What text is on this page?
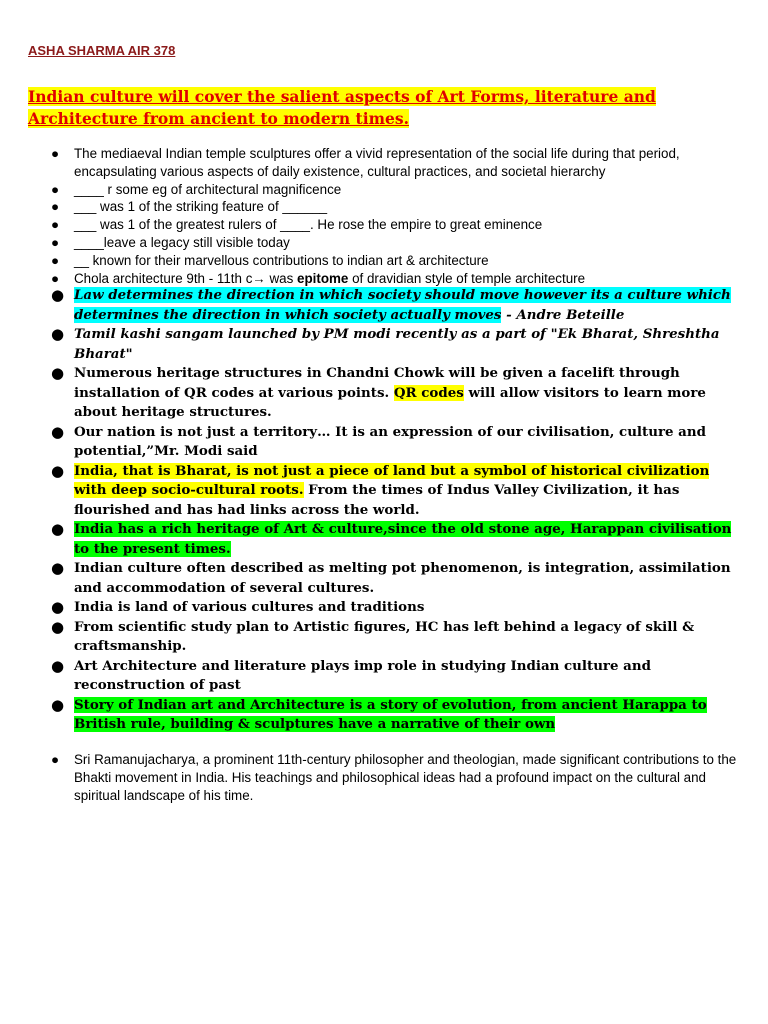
ASHA SHARMA AIR 378
Indian culture will cover the salient aspects of Art Forms, literature and Architecture from ancient to modern times.
● The mediaeval Indian temple sculptures offer a vivid representation of the social life during that period, encapsulating various aspects of daily existence, cultural practices, and societal hierarchy
● ____ r some eg of architectural magnificence
● ___ was 1 of the striking feature of ______
● ___ was 1 of the greatest rulers of ____. He rose the empire to great eminence
● ____leave a legacy still visible today
● __ known for their marvellous contributions to indian art & architecture
● Chola architecture 9th - 11th c→ was epitome of dravidian style of temple architecture
● Law determines the direction in which society should move however its a culture which determines the direction in which society actually moves - Andre Beteille
● Tamil kashi sangam launched by PM modi recently as a part of "Ek Bharat, Shreshtha Bharat"
● Numerous heritage structures in Chandni Chowk will be given a facelift through installation of QR codes at various points. QR codes will allow visitors to learn more about heritage structures.
● Our nation is not just a territory… It is an expression of our civilisation, culture and potential,”Mr. Modi said
● India, that is Bharat, is not just a piece of land but a symbol of historical civilization with deep socio-cultural roots. From the times of Indus Valley Civilization, it has flourished and has had links across the world.
● India has a rich heritage of Art & culture,since the old stone age, Harappan civilisation to the present times.
● Indian culture often described as melting pot phenomenon, is integration, assimilation and accommodation of several cultures.
● India is land of various cultures and traditions
● From scientific study plan to Artistic figures, HC has left behind a legacy of skill & craftsmanship.
● Art Architecture and literature plays imp role in studying Indian culture and reconstruction of past
● Story of Indian art and Architecture is a story of evolution, from ancient Harappa to British rule, building & sculptures have a narrative of their own
● Sri Ramanujacharya, a prominent 11th-century philosopher and theologian, made significant contributions to the Bhakti movement in India. His teachings and philosophical ideas had a profound impact on the cultural and spiritual landscape of his time.
